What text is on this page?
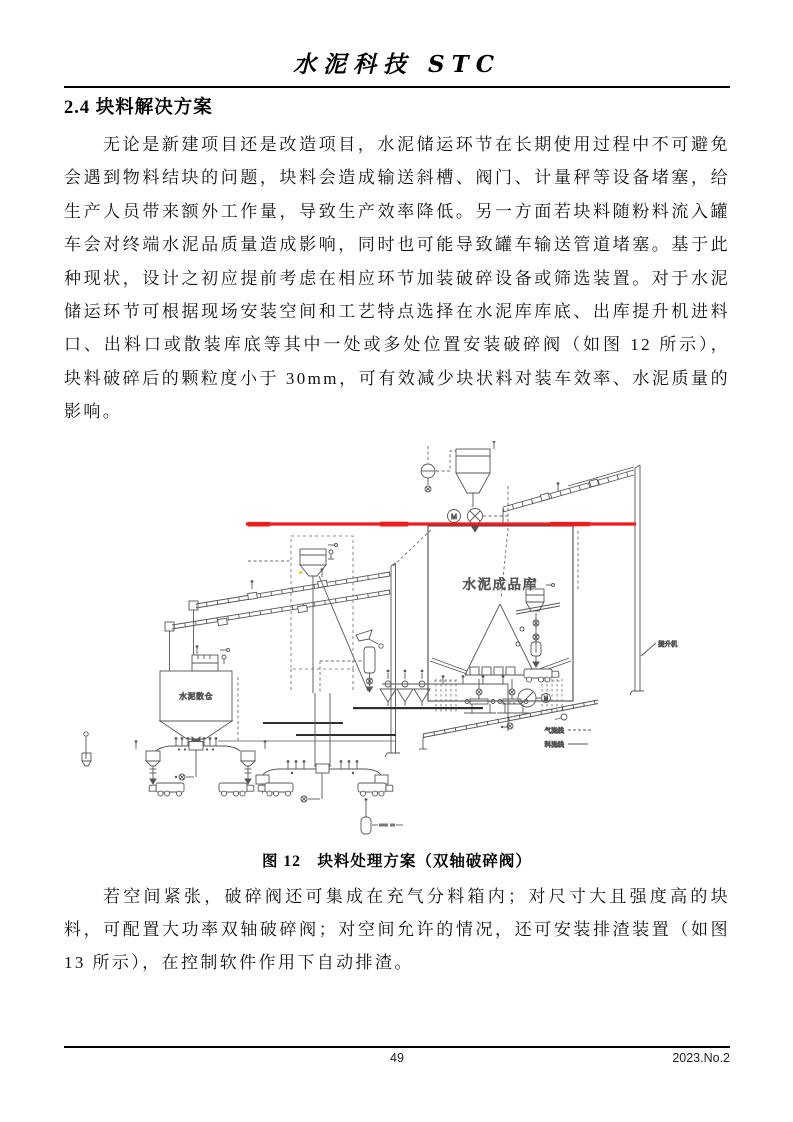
水泥科技 STC
2.4 块料解决方案

无论是新建项目还是改造项目，水泥储运环节在长期使用过程中不可避免会遇到物料结块的问题，块料会造成输送斜槽、阀门、计量秤等设备堵塞，给生产人员带来额外工作量，导致生产效率降低。另一方面若块料随粉料流入罐车会对终端水泥品质量造成影响，同时也可能导致罐车输送管道堵塞。基于此种现状，设计之初应提前考虑在相应环节加装破碎设备或筛选装置。对于水泥储运环节可根据现场安装空间和工艺特点选择在水泥库库底、出库提升机进料口、出料口或散装库底等其中一处或多处位置安装破碎阀（如图 12 所示），块料破碎后的颗粒度小于 30mm，可有效减少块状料对装车效率、水泥质量的影响。

M
提升机
水泥成品库
M
气流线
料流线
水泥散仓
图 12　块料处理方案（双轴破碎阀）

若空间紧张，破碎阀还可集成在充气分料箱内；对尺寸大且强度高的块料，可配置大功率双轴破碎阀；对空间允许的情况，还可安装排渣装置（如图 13 所示），在控制软件作用下自动排渣。

49	2023.No.2
